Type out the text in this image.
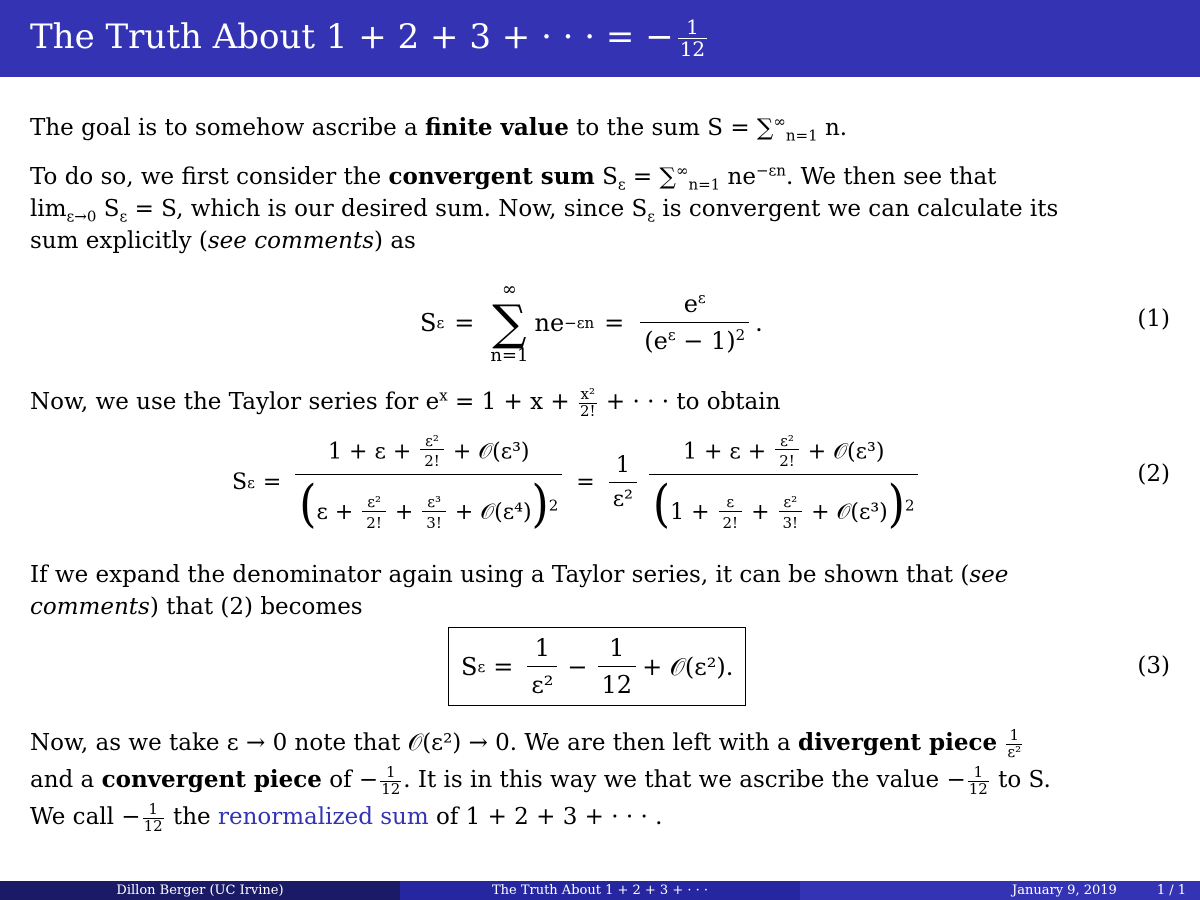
The Truth About 1 + 2 + 3 + · · · = − $\frac{1}{12}$
The goal is to somehow ascribe a finite value to the sum $S = \sum^\infty_{n=1}$ n.
To do so, we first consider the convergent sum $S_\varepsilon = \sum^\infty_{n=1}$ $ne^{-\varepsilon n}$. We then see that
$\lim_{\varepsilon\to 0} S_\varepsilon = S$, which is our desired sum. Now, since $S_\varepsilon$ is convergent we can calculate its
sum explicitly (see comments) as
S ε =
∞
∑
n=1
ne $-\varepsilon n = \frac{e^\varepsilon}{(e^\varepsilon - 1)^2}$ .	(1)
Now, we use the Taylor series for $e^x = 1 + x + \frac{\text{x²}}{2!}$ + · · · to obtain
S $\varepsilon = \frac{1 + \varepsilon + \frac{\text{ε²}}{2!} + 𝒪(\varepsilon^3)}{(\varepsilon + \frac{\text{ε²}}{2!} + \frac{\text{ε³}}{3!} + 𝒪(\varepsilon^4))^2} = \frac{1}{\text{ε²}} \frac{1 + \varepsilon + \frac{\text{ε²}}{2!} + 𝒪(\varepsilon^3)}{(1 + \frac{\varepsilon}{2!} + \frac{\text{ε²}}{3!} + 𝒪(\varepsilon^3))^2}$	(2)
If we expand the denominator again using a Taylor series, it can be shown that (see
comments) that (2) becomes
S $\varepsilon = \frac{1}{\text{ε²}} - \frac{1}{12}$ + 𝒪(ε²).	(3)
Now, as we take ε → 0 note that 𝒪(ε²) → 0. We are then left with a divergent piece $\frac{1}{\text{ε²}}$
and a convergent piece of − $\frac{1}{12}$ . It is in this way we that we ascribe the value − $\frac{1}{12}$ to S.
We call − $\frac{1}{12}$ the renormalized sum of 1 + 2 + 3 + · · · .
Dillon Berger (UC Irvine)	The Truth About 1 + 2 + 3 + · · ·	January 9, 2019	1 / 1
